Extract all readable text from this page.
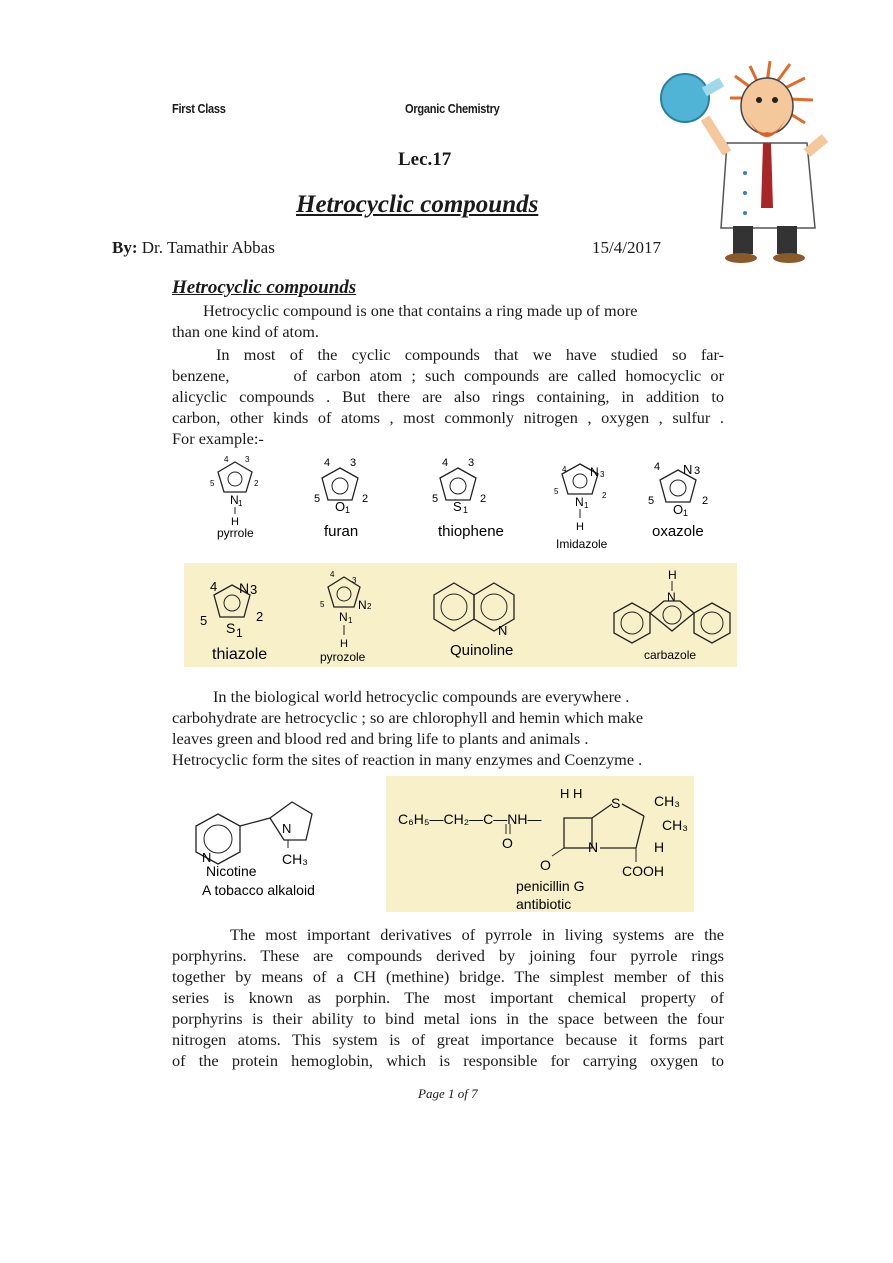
First Class	Organic Chemistry
Lec.17
Hetrocyclic compounds
By: Dr. Tamathir Abbas	15/4/2017
Hetrocyclic compounds
Hetrocyclic compound is one that contains a ring made up of more
than one kind of atom.
In most of the cyclic compounds that we have studied so far-
benzene,       of carbon atom ; such compounds are called homocyclic or
alicyclic compounds . But there are also rings containing, in addition to
carbon, other kinds of atoms , most commonly nitrogen , oxygen , sulfur .
For example:-
N 1
2
3
4
5
H
pyrrole
O 1
2
3
4
5
furan
S 1
2
3
4
5
thiophene
N 3
N 1
2
4
5
H
Imidazole
N 3
O 1
2
4
5
oxazole
4 N 3
2
5 S 1
thiazole
4
3
N 2
N 1
5
H
pyrozole
N
Quinoline
H
N
carbazole
In the biological world hetrocyclic compounds are everywhere .
carbohydrate are hetrocyclic ; so are chlorophyll and hemin which make
leaves green and blood red and bring life to plants and animals .
Hetrocyclic form the sites of reaction in many enzymes and Coenzyme .
N
N
CH₃
Nicotine
A tobacco alkaloid
C₆H₅—CH₂—C—NH—
O
H H
S
N
CH₃
CH₃
H
COOH
O
penicillin G
antibiotic
The most important derivatives of pyrrole in living systems are the
porphyrins. These are compounds derived by joining four pyrrole rings
together by means of a CH (methine) bridge. The simplest member of this
series is known as porphin. The most important chemical property of
porphyrins is their ability to bind metal ions in the space between the four
nitrogen atoms. This system is of great importance because it forms part
of the protein hemoglobin, which is responsible for carrying oxygen to
Page 1 of 7
